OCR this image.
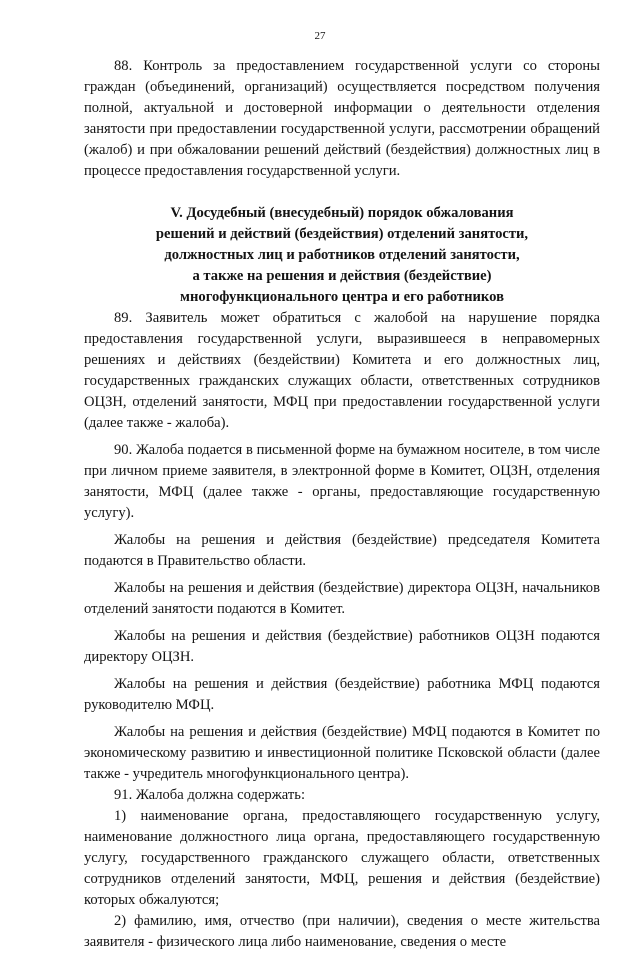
27

88. Контроль за предоставлением государственной услуги со стороны граждан (объединений, организаций) осуществляется посредством получения полной, актуальной и достоверной информации о деятельности отделения занятости при предоставлении государственной услуги, рассмотрении обращений (жалоб) и при обжаловании решений действий (бездействия) должностных лиц в процессе предоставления государственной услуги.

V. Досудебный (внесудебный) порядок обжалования
решений и действий (бездействия) отделений занятости,
должностных лиц и работников отделений занятости,
а также на решения и действия (бездействие)
многофункционального центра и его работников

89. Заявитель может обратиться с жалобой на нарушение порядка предоставления государственной услуги, выразившееся в неправомерных решениях и действиях (бездействии) Комитета и его должностных лиц, государственных гражданских служащих области, ответственных сотрудников ОЦЗН, отделений занятости, МФЦ при предоставлении государственной услуги (далее также - жалоба).

90. Жалоба подается в письменной форме на бумажном носителе, в том числе при личном приеме заявителя, в электронной форме в Комитет, ОЦЗН, отделения занятости, МФЦ (далее также - органы, предоставляющие государственную услугу).

Жалобы на решения и действия (бездействие) председателя Комитета подаются в Правительство области.

Жалобы на решения и действия (бездействие) директора ОЦЗН, начальников отделений занятости подаются в Комитет.

Жалобы на решения и действия (бездействие) работников ОЦЗН подаются директору ОЦЗН.

Жалобы на решения и действия (бездействие) работника МФЦ подаются руководителю МФЦ.

Жалобы на решения и действия (бездействие) МФЦ подаются в Комитет по экономическому развитию и инвестиционной политике Псковской области (далее также - учредитель многофункционального центра).

91. Жалоба должна содержать:

1) наименование органа, предоставляющего государственную услугу, наименование должностного лица органа, предоставляющего государственную услугу, государственного гражданского служащего области, ответственных сотрудников отделений занятости, МФЦ, решения и действия (бездействие) которых обжалуются;

2) фамилию, имя, отчество (при наличии), сведения о месте жительства заявителя - физического лица либо наименование, сведения о месте
